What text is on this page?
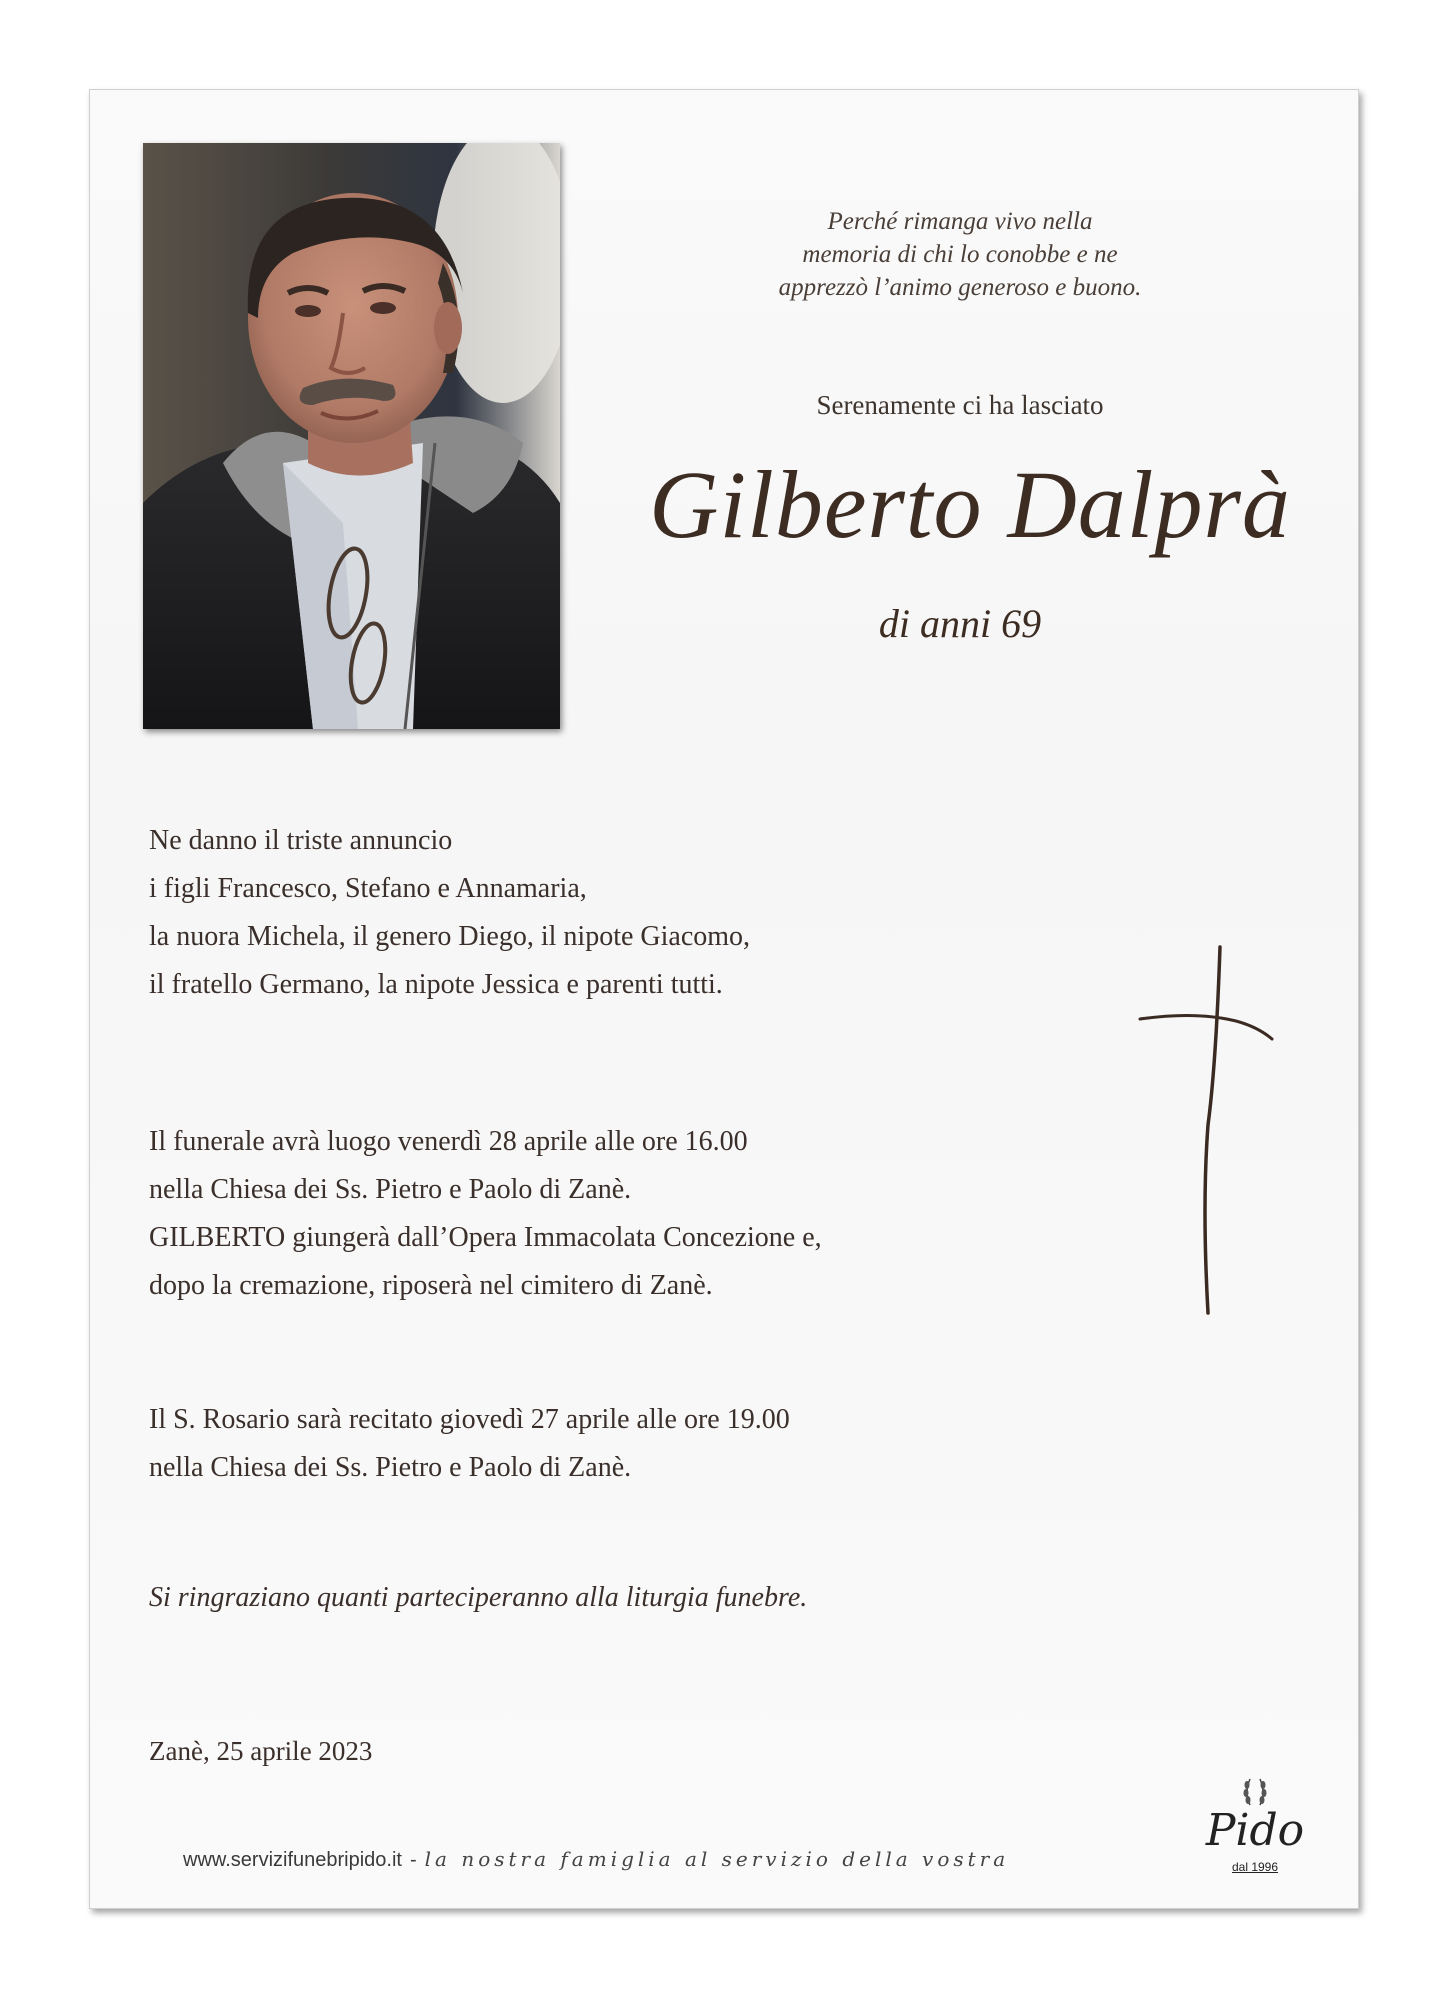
Perché rimanga vivo nella
memoria di chi lo conobbe e ne
apprezzò l’animo generoso e buono.
Serenamente ci ha lasciato
Gilberto Dalprà
di anni 69
Ne danno il triste annuncio
i figli Francesco, Stefano e Annamaria,
la nuora Michela, il genero Diego, il nipote Giacomo,
il fratello Germano, la nipote Jessica e parenti tutti.
Il funerale avrà luogo venerdì 28 aprile alle ore 16.00
nella Chiesa dei Ss. Pietro e Paolo di Zanè.
GILBERTO giungerà dall’Opera Immacolata Concezione e,
dopo la cremazione, riposerà nel cimitero di Zanè.
Il S. Rosario sarà recitato giovedì 27 aprile alle ore 19.00
nella Chiesa dei Ss. Pietro e Paolo di Zanè.
Si ringraziano quanti parteciperanno alla liturgia funebre.
Zanè, 25 aprile 2023
www.servizifunebripido.it - la nostra famiglia al servizio della vostra
Pido
dal 1996
